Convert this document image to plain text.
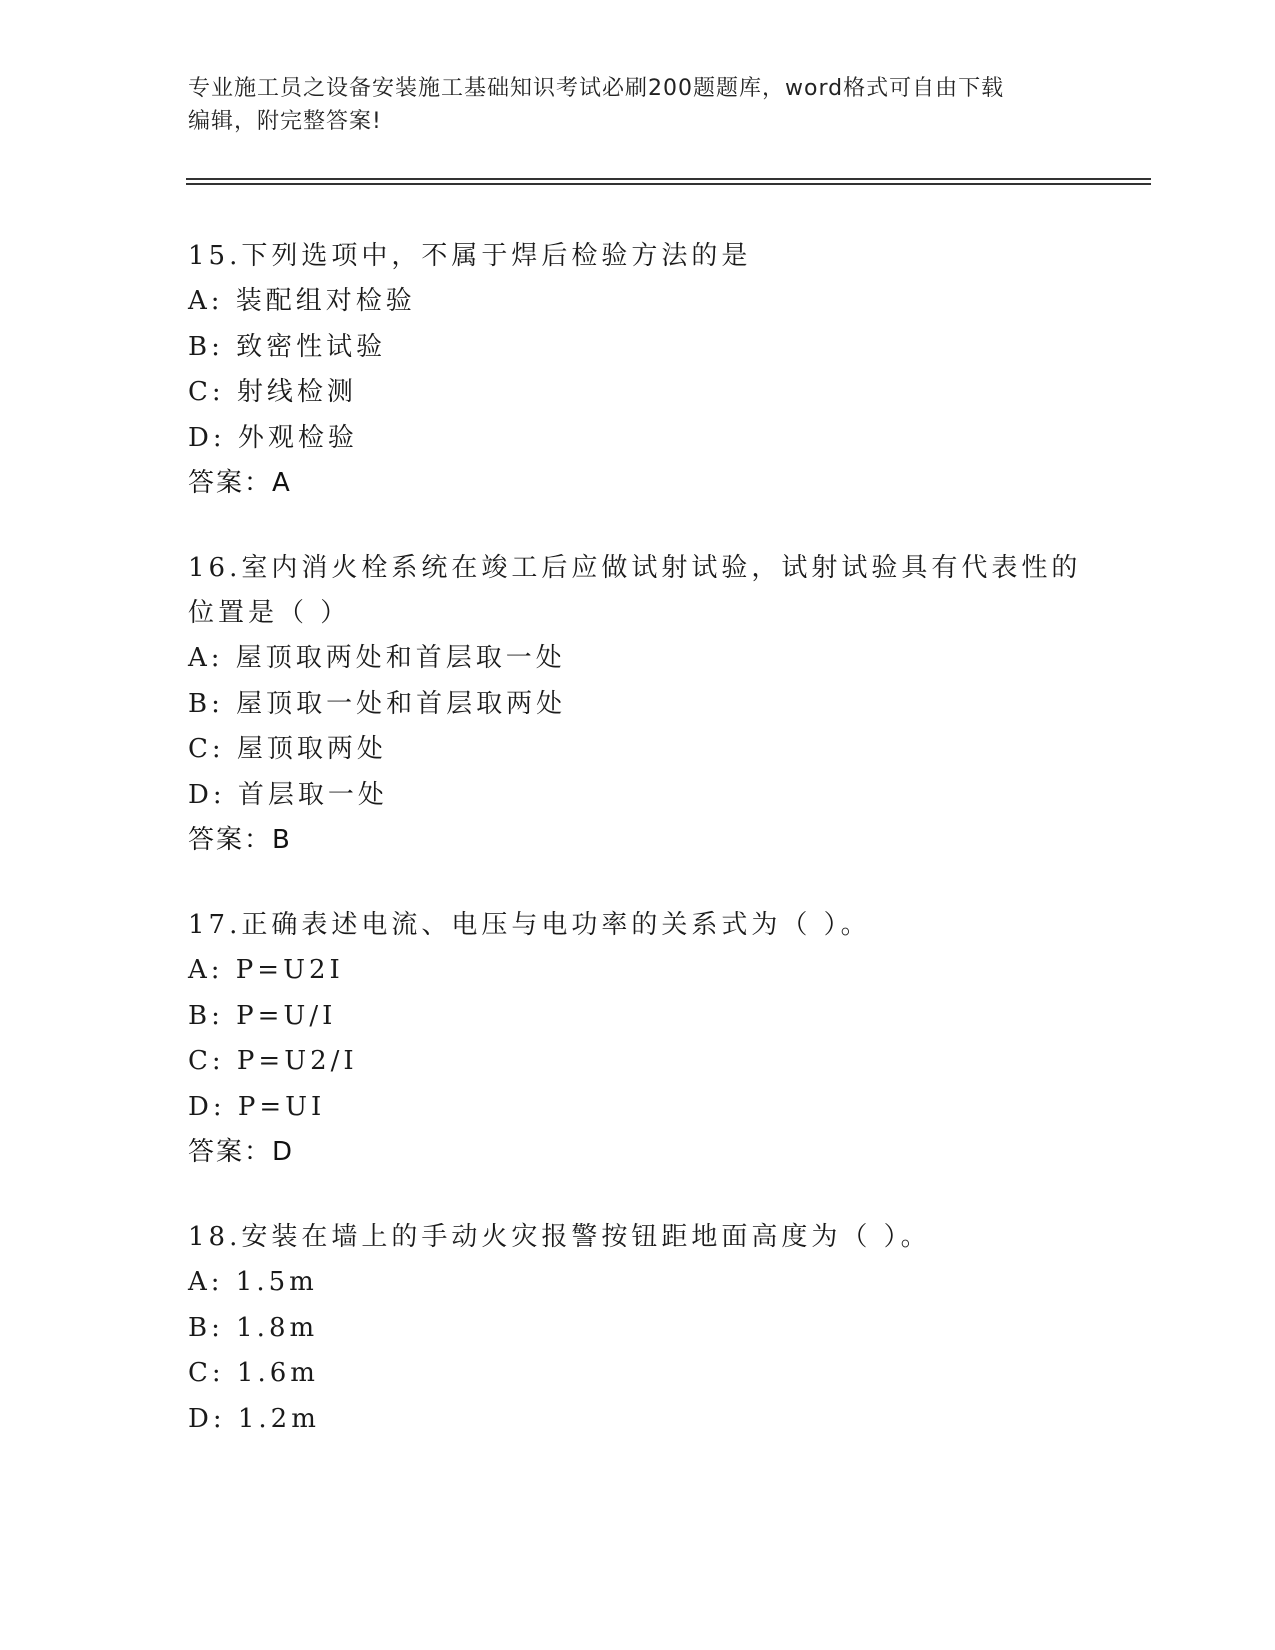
专业施工员之设备安装施工基础知识考试必刷200题题库，word格式可自由下载
编辑，附完整答案!
15.下列选项中，不属于焊后检验方法的是
A: 装配组对检验
B: 致密性试验
C: 射线检测
D: 外观检验
答案：A
16.室内消火栓系统在竣工后应做试射试验，试射试验具有代表性的位置是（ ）
A: 屋顶取两处和首层取一处
B: 屋顶取一处和首层取两处
C: 屋顶取两处
D: 首层取一处
答案：B
17.正确表述电流、电压与电功率的关系式为（ ）。
A: P=U2I
B: P=U/I
C: P=U2/I
D: P=UI
答案：D
18.安装在墙上的手动火灾报警按钮距地面高度为（ ）。
A: 1.5m
B: 1.8m
C: 1.6m
D: 1.2m
